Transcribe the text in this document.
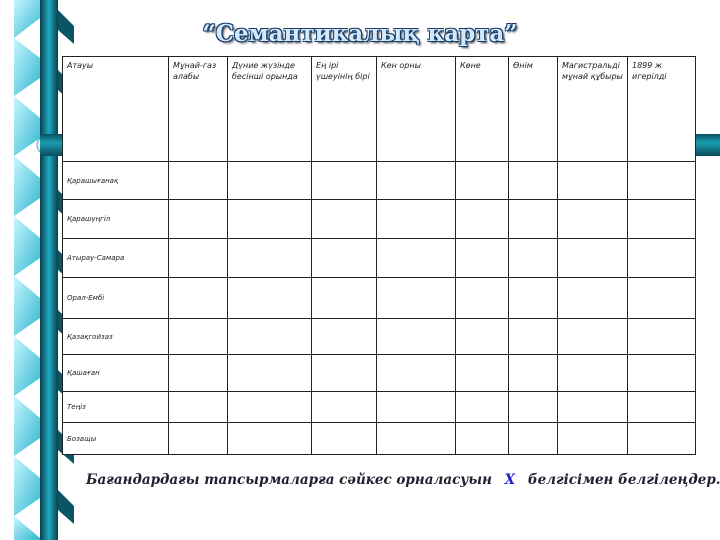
“Семантикалық карта”
Атауы	Мұнай-газ алабы	Дүние жүзінде бесінші орында	Ең ірі үшеуінің бірі	Кен орны	Көне	Өнім	Магистральді мұнай құбыры	1899 ж игерілді
Қарашығанақ								
Қарашүңгіл								
Атырау-Самара								
Орал-Ембі								
Қазақгойзаз								
Қашаған								
Теңіз								
Бозащы								
Бағандардағы тапсырмаларға сәйкес орналасуын Х белгісімен белгілеңдер.
